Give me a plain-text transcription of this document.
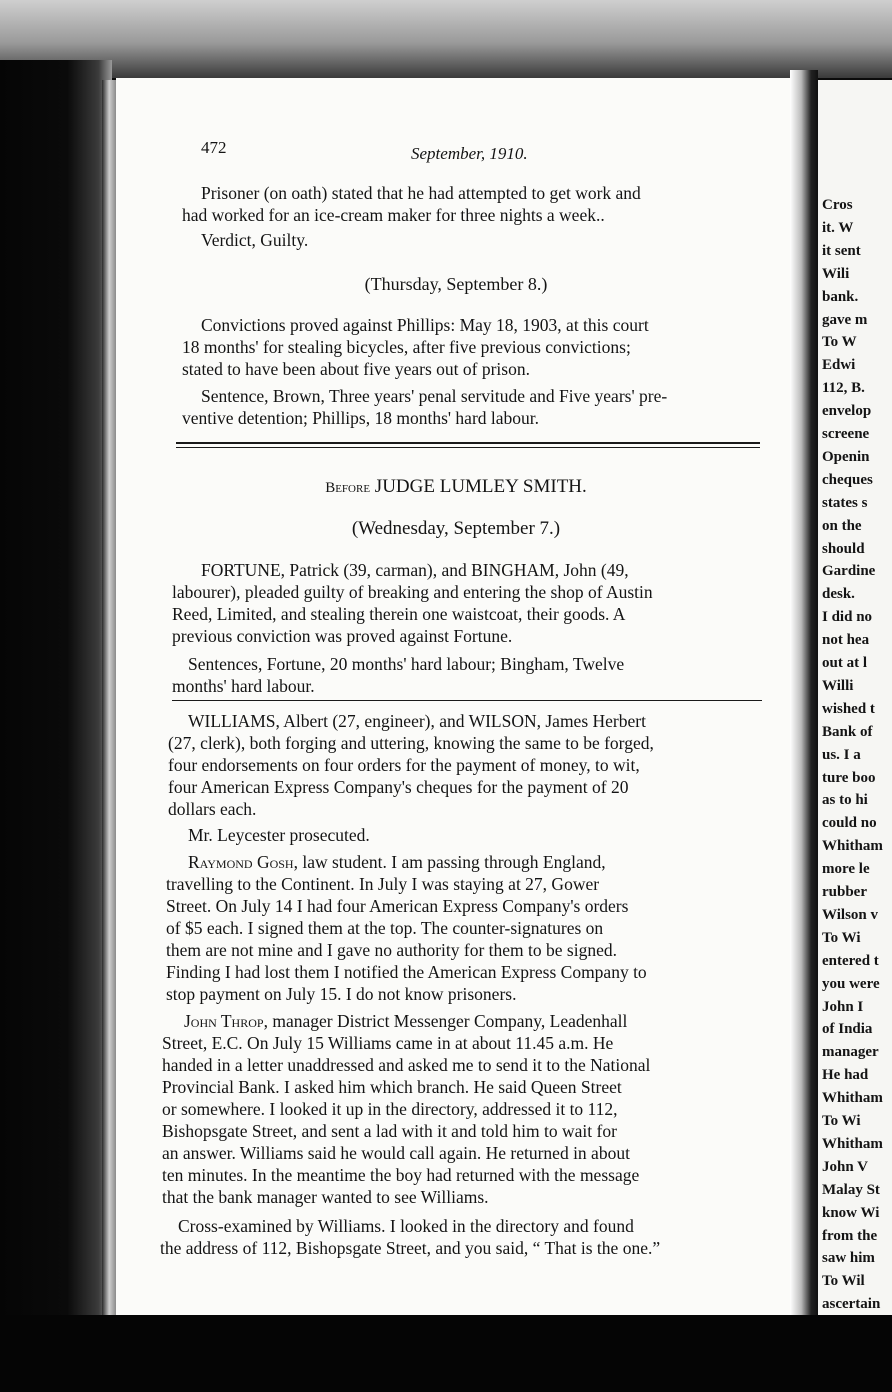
472	September, 1910.
Prisoner (on oath) stated that he had attempted to get work and
had worked for an ice-cream maker for three nights a week..
Verdict, Guilty.
(Thursday, September 8.)
Convictions proved against Phillips: May 18, 1903, at this court
18 months' for stealing bicycles, after five previous convictions;
stated to have been about five years out of prison.
Sentence, Brown, Three years' penal servitude and Five years' pre-
ventive detention; Phillips, 18 months' hard labour.
Before JUDGE LUMLEY SMITH.
(Wednesday, September 7.)
FORTUNE, Patrick (39, carman), and BINGHAM, John (49,
labourer), pleaded guilty of breaking and entering the shop of Austin
Reed, Limited, and stealing therein one waistcoat, their goods. A
previous conviction was proved against Fortune.
Sentences, Fortune, 20 months' hard labour; Bingham, Twelve
months' hard labour.
WILLIAMS, Albert (27, engineer), and WILSON, James Herbert
(27, clerk), both forging and uttering, knowing the same to be forged,
four endorsements on four orders for the payment of money, to wit,
four American Express Company's cheques for the payment of 20
dollars each.
Mr. Leycester prosecuted.
Raymond Gosh, law student. I am passing through England,
travelling to the Continent. In July I was staying at 27, Gower
Street. On July 14 I had four American Express Company's orders
of $5 each. I signed them at the top. The counter-signatures on
them are not mine and I gave no authority for them to be signed.
Finding I had lost them I notified the American Express Company to
stop payment on July 15. I do not know prisoners.
John Throp, manager District Messenger Company, Leadenhall
Street, E.C. On July 15 Williams came in at about 11.45 a.m. He
handed in a letter unaddressed and asked me to send it to the National
Provincial Bank. I asked him which branch. He said Queen Street
or somewhere. I looked it up in the directory, addressed it to 112,
Bishopsgate Street, and sent a lad with it and told him to wait for
an answer. Williams said he would call again. He returned in about
ten minutes. In the meantime the boy had returned with the message
that the bank manager wanted to see Williams.
Cross-examined by Williams. I looked in the directory and found
the address of 112, Bishopsgate Street, and you said, “ That is the one.”
Cros
it. W
it sent
Wili
bank.
gave m
To W
Edwi
112, B.
envelop
screene
Openin
cheques
states s
on the
should
Gardine
desk.
I did no
not hea
out at l
Willi
wished t
Bank of
us. I a
ture boo
as to hi
could no
Whitham
more le
rubber
Wilson v
To Wi
entered t
you were
John I
of India
manager
He had
Whitham
To Wi
Whitham
John V
Malay St
know Wi
from the
saw him
To Wil
ascertain
